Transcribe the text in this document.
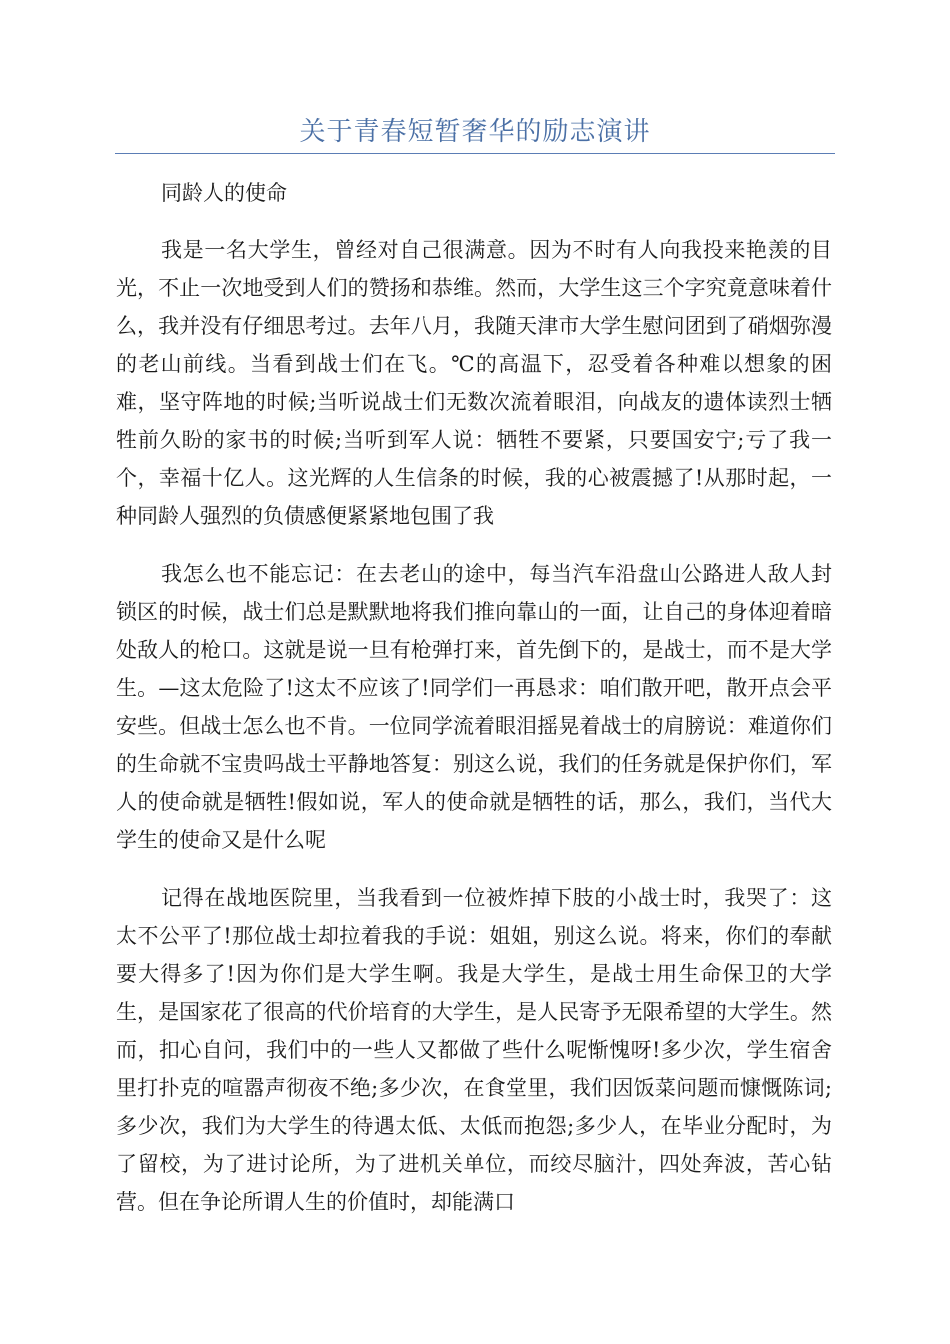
关于青春短暂奢华的励志演讲

同龄人的使命

我是一名大学生，曾经对自己很满意。因为不时有人向我投来艳羡的目光，不止一次地受到人们的赞扬和恭维。然而，大学生这三个字究竟意味着什么，我并没有仔细思考过。去年八月，我随天津市大学生慰问团到了硝烟弥漫的老山前线。当看到战士们在飞。℃的高温下，忍受着各种难以想象的困难，坚守阵地的时候;当听说战士们无数次流着眼泪，向战友的遗体读烈士牺牲前久盼的家书的时候;当听到军人说：牺牲不要紧，只要国安宁;亏了我一个，幸福十亿人。这光辉的人生信条的时候，我的心被震撼了!从那时起，一种同龄人强烈的负债感便紧紧地包围了我

我怎么也不能忘记：在去老山的途中，每当汽车沿盘山公路进人敌人封锁区的时候，战士们总是默默地将我们推向靠山的一面，让自己的身体迎着暗处敌人的枪口。这就是说一旦有枪弹打来，首先倒下的，是战士，而不是大学生。—这太危险了!这太不应该了!同学们一再恳求：咱们散开吧，散开点会平安些。但战士怎么也不肯。一位同学流着眼泪摇晃着战士的肩膀说：难道你们的生命就不宝贵吗战士平静地答复：别这么说，我们的任务就是保护你们，军人的使命就是牺牲!假如说，军人的使命就是牺牲的话，那么，我们，当代大学生的使命又是什么呢

记得在战地医院里，当我看到一位被炸掉下肢的小战士时，我哭了：这太不公平了!那位战士却拉着我的手说：姐姐，别这么说。将来，你们的奉献要大得多了!因为你们是大学生啊。我是大学生，是战士用生命保卫的大学生，是国家花了很高的代价培育的大学生，是人民寄予无限希望的大学生。然而，扣心自问，我们中的一些人又都做了些什么呢惭愧呀!多少次，学生宿舍里打扑克的喧嚣声彻夜不绝;多少次，在食堂里，我们因饭菜问题而慷慨陈词;多少次，我们为大学生的待遇太低、太低而抱怨;多少人，在毕业分配时，为了留校，为了进讨论所，为了进机关单位，而绞尽脑汁，四处奔波，苦心钻营。但在争论所谓人生的价值时，却能满口
